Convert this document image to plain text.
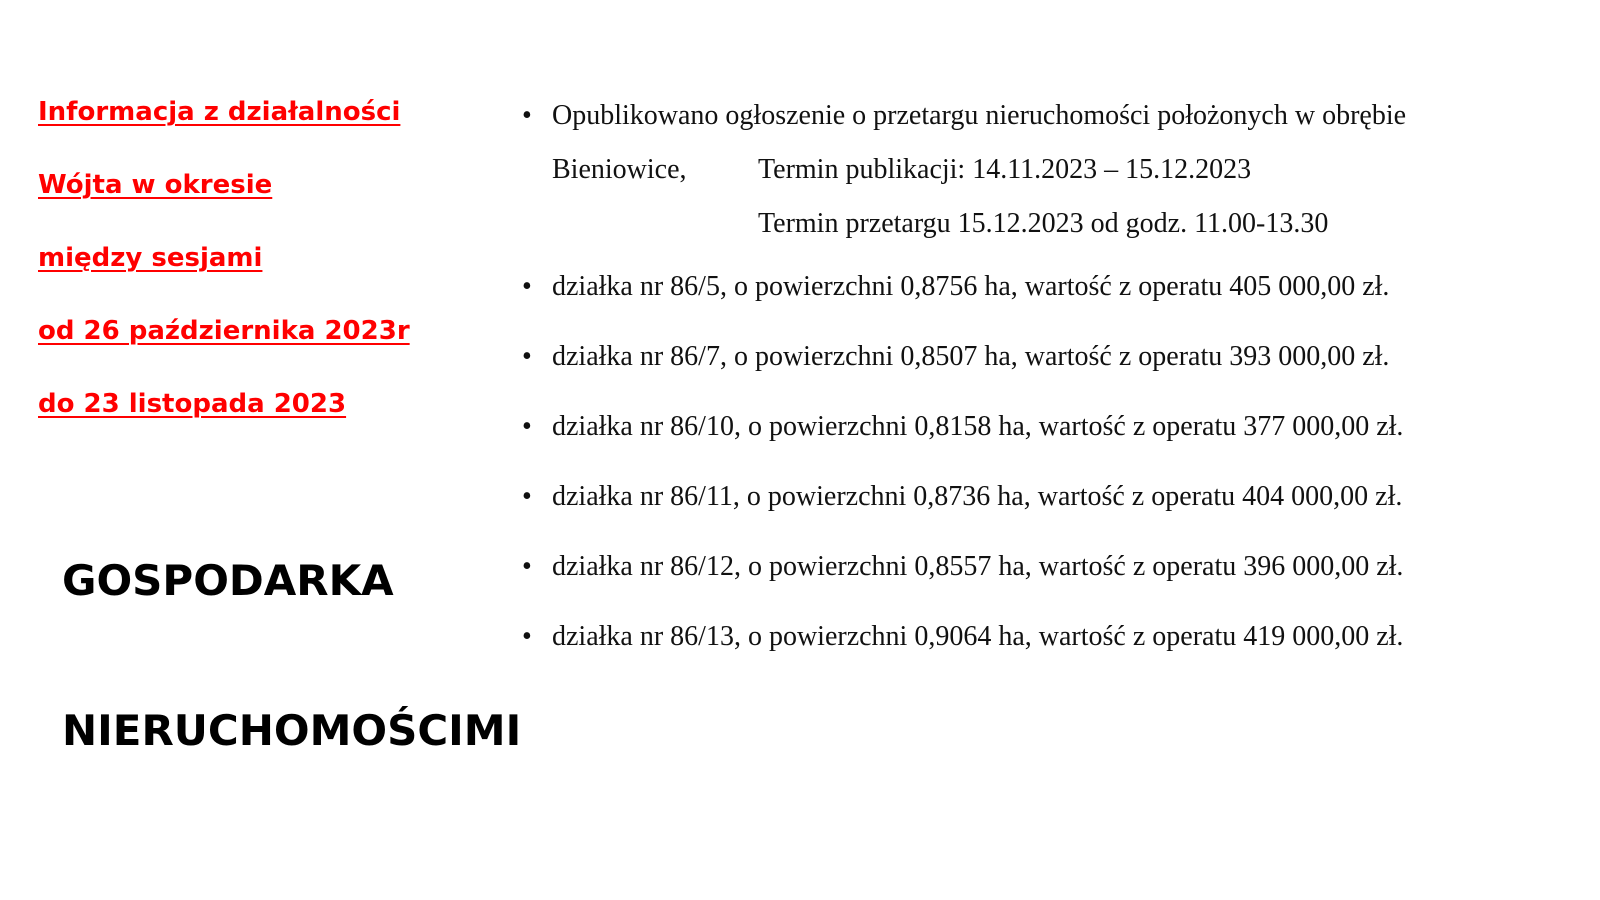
Informacja z działalności
Wójta w okresie
między sesjami
od 26 października 2023r
do 23 listopada 2023
GOSPODARKA
NIERUCHOMOŚCIMI
• Opublikowano ogłoszenie o przetargu nieruchomości położonych w obrębie
Bieniowice,	Termin publikacji: 14.11.2023 – 15.12.2023
Termin przetargu 15.12.2023 od godz. 11.00-13.30
• działka nr 86/5, o powierzchni 0,8756 ha, wartość z operatu 405 000,00 zł.
• działka nr 86/7, o powierzchni 0,8507 ha, wartość z operatu 393 000,00 zł.
• działka nr 86/10, o powierzchni 0,8158 ha, wartość z operatu 377 000,00 zł.
• działka nr 86/11, o powierzchni 0,8736 ha, wartość z operatu 404 000,00 zł.
• działka nr 86/12, o powierzchni 0,8557 ha, wartość z operatu 396 000,00 zł.
• działka nr 86/13, o powierzchni 0,9064 ha, wartość z operatu 419 000,00 zł.
